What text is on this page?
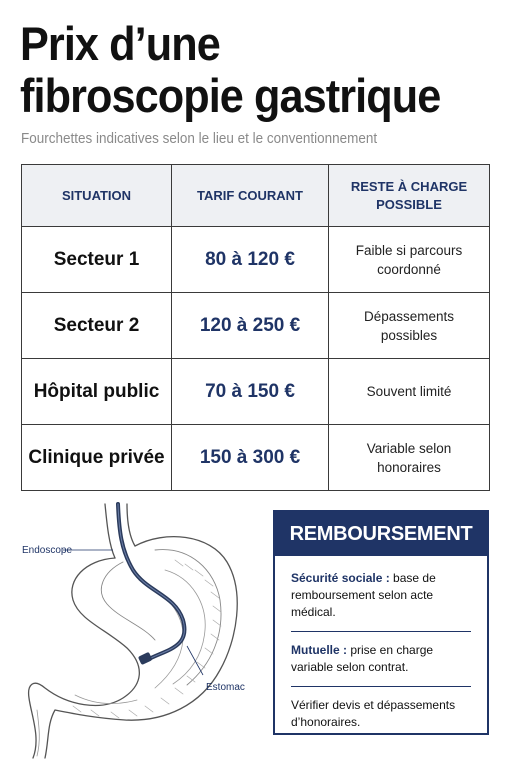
Prix d’une
fibroscopie gastrique
Fourchettes indicatives selon le lieu et le conventionnement
SITUATION	TARIF COURANT	RESTE À CHARGE POSSIBLE
Secteur 1	80 à 120 €	Faible si parcours coordonné
Secteur 2	120 à 250 €	Dépassements possibles
Hôpital public	70 à 150 €	Souvent limité
Clinique privée	150 à 300 €	Variable selon honoraires
Endoscope
Estomac
REMBOURSEMENT
Sécurité sociale : base de remboursement selon acte médical.
Mutuelle : prise en charge variable selon contrat.
Vérifier devis et dépassements d’honoraires.
